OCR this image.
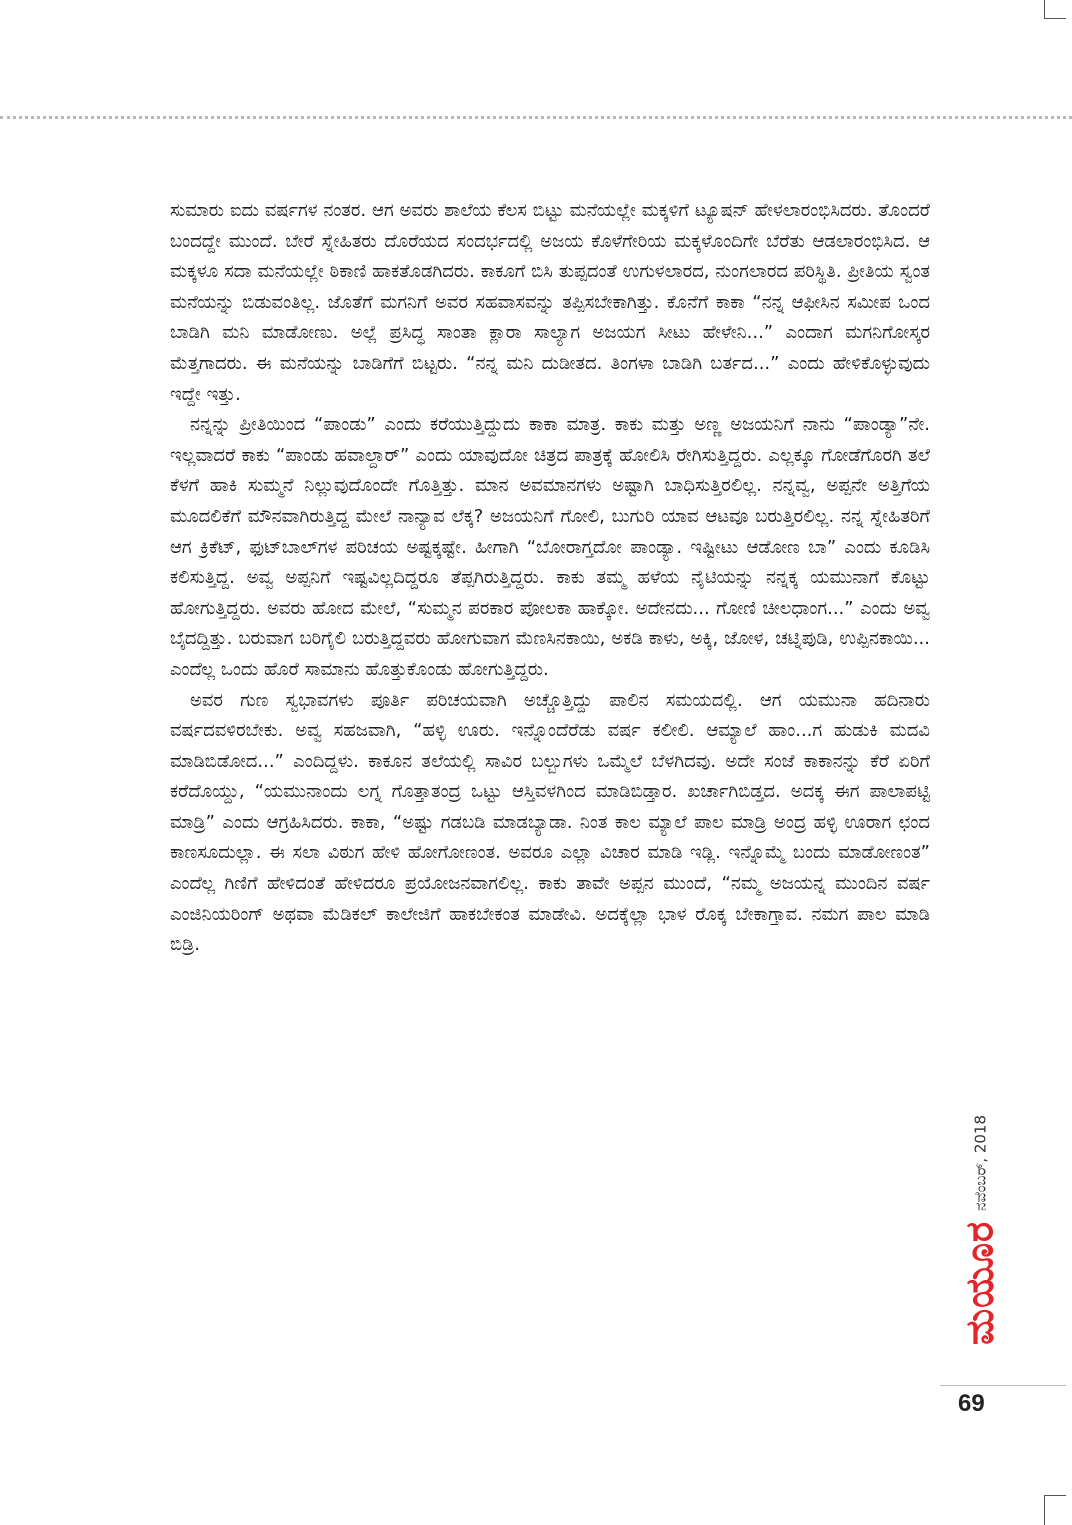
ಸುಮಾರು ಐದು ವರ್ಷಗಳ ನಂತರ. ಆಗ ಅವರು ಶಾಲೆಯ ಕೆಲಸ ಬಿಟ್ಟು ಮನೆಯಲ್ಲೇ ಮಕ್ಕಳಿಗೆ ಟ್ಯೂಷನ್ ಹೇಳಲಾರಂಭಿಸಿದರು. ತೊಂದರೆ ಬಂದದ್ದೇ ಮುಂದೆ. ಬೇರೆ ಸ್ನೇಹಿತರು ದೊರೆಯದ ಸಂದರ್ಭದಲ್ಲಿ ಅಜಯ ಕೊಳೆಗೇರಿಯ ಮಕ್ಕಳೊಂದಿಗೇ ಬೆರೆತು ಆಡಲಾರಂಭಿಸಿದ. ಆ ಮಕ್ಕಳೂ ಸದಾ ಮನೆಯಲ್ಲೇ ಠಿಕಾಣಿ ಹಾಕತೊಡಗಿದರು. ಕಾಕೂಗೆ ಬಿಸಿ ತುಪ್ಪದಂತೆ ಉಗುಳಲಾರದ, ನುಂಗಲಾರದ ಪರಿಸ್ಥಿತಿ. ಪ್ರೀತಿಯ ಸ್ವಂತ ಮನೆಯನ್ನು ಬಿಡುವಂತಿಲ್ಲ. ಜೊತೆಗೆ ಮಗನಿಗೆ ಅವರ ಸಹವಾಸವನ್ನು ತಪ್ಪಿಸಬೇಕಾಗಿತ್ತು. ಕೊನೆಗೆ ಕಾಕಾ “ನನ್ನ ಆಫೀಸಿನ ಸಮೀಪ ಒಂದ ಬಾಡಿಗಿ ಮನಿ ಮಾಡೋಣು. ಅಲ್ಲೆ ಪ್ರಸಿದ್ಧ ಸಾಂತಾ ಕ್ಲಾರಾ ಸಾಲ್ಯಾಗ ಅಜಯಗ ಸೀಟು ಹೇಳೇನಿ...” ಎಂದಾಗ ಮಗನಿಗೋಸ್ಕರ ಮೆತ್ತಗಾದರು. ಈ ಮನೆಯನ್ನು ಬಾಡಿಗೆಗೆ ಬಿಟ್ಟರು. “ನನ್ನ ಮನಿ ದುಡೀತದ. ತಿಂಗಳಾ ಬಾಡಿಗಿ ಬರ್ತದ...” ಎಂದು ಹೇಳಿಕೊಳ್ಳುವುದು ಇದ್ದೇ ಇತ್ತು.

ನನ್ನನ್ನು ಪ್ರೀತಿಯಿಂದ “ಪಾಂಡು” ಎಂದು ಕರೆಯುತ್ತಿದ್ದುದು ಕಾಕಾ ಮಾತ್ರ. ಕಾಕು ಮತ್ತು ಅಣ್ಣ ಅಜಯನಿಗೆ ನಾನು “ಪಾಂಡ್ಯಾ”ನೇ. ಇಲ್ಲವಾದರೆ ಕಾಕು “ಪಾಂಡು ಹವಾಲ್ದಾರ್” ಎಂದು ಯಾವುದೋ ಚಿತ್ರದ ಪಾತ್ರಕ್ಕೆ ಹೋಲಿಸಿ ರೇಗಿಸುತ್ತಿದ್ದರು. ಎಲ್ಲಕ್ಕೂ ಗೋಡೆಗೊರಗಿ ತಲೆ ಕೆಳಗೆ ಹಾಕಿ ಸುಮ್ಮನೆ ನಿಲ್ಲುವುದೊಂದೇ ಗೊತ್ತಿತ್ತು. ಮಾನ ಅವಮಾನಗಳು ಅಷ್ಟಾಗಿ ಬಾಧಿಸುತ್ತಿರಲಿಲ್ಲ. ನನ್ನವ್ವ, ಅಪ್ಪನೇ ಅತ್ತಿಗೆಯ ಮೂದಲಿಕೆಗೆ ಮೌನವಾಗಿರುತ್ತಿದ್ದ ಮೇಲೆ ನಾನ್ಯಾವ ಲೆಕ್ಕ? ಅಜಯನಿಗೆ ಗೋಲಿ, ಬುಗುರಿ ಯಾವ ಆಟವೂ ಬರುತ್ತಿರಲಿಲ್ಲ. ನನ್ನ ಸ್ನೇಹಿತರಿಗೆ ಆಗ ಕ್ರಿಕೆಟ್, ಫುಟ್‌ಬಾಲ್‌ಗಳ ಪರಿಚಯ ಅಷ್ಟಕ್ಕಷ್ಟೇ. ಹೀಗಾಗಿ “ಬೋರಾಗ್ತದೋ ಪಾಂಡ್ಯಾ. ಇಷ್ಟೀಟು ಆಡೋಣ ಬಾ” ಎಂದು ಕೂಡಿಸಿ ಕಲಿಸುತ್ತಿದ್ದ. ಅವ್ವ ಅಪ್ಪನಿಗೆ ಇಷ್ಟವಿಲ್ಲದಿದ್ದರೂ ತೆಪ್ಪಗಿರುತ್ತಿದ್ದರು. ಕಾಕು ತಮ್ಮ ಹಳೆಯ ನೈಟಿಯನ್ನು ನನ್ನಕ್ಕ ಯಮುನಾಗೆ ಕೊಟ್ಟು ಹೋಗುತ್ತಿದ್ದರು. ಅವರು ಹೋದ ಮೇಲೆ, “ಸುಮ್ಮನ ಪರಕಾರ ಪೋಲಕಾ ಹಾಕ್ಕೋ. ಅದೇನದು... ಗೋಣಿ ಚೀಲಧಾಂಗ...” ಎಂದು ಅವ್ವ ಬೈದದ್ದಿತ್ತು. ಬರುವಾಗ ಬರಿಗೈಲಿ ಬರುತ್ತಿದ್ದವರು ಹೋಗುವಾಗ ಮೆಣಸಿನಕಾಯಿ, ಅಕಡಿ ಕಾಳು, ಅಕ್ಕಿ, ಜೋಳ, ಚಟ್ನಿಪುಡಿ, ಉಪ್ಪಿನಕಾಯಿ... ಎಂದೆಲ್ಲ ಒಂದು ಹೊರೆ ಸಾಮಾನು ಹೊತ್ತುಕೊಂಡು ಹೋಗುತ್ತಿದ್ದರು.

ಅವರ ಗುಣ ಸ್ವಭಾವಗಳು ಪೂರ್ತಿ ಪರಿಚಯವಾಗಿ ಅಚ್ಚೊತ್ತಿದ್ದು ಪಾಲಿನ ಸಮಯದಲ್ಲಿ. ಆಗ ಯಮುನಾ ಹದಿನಾರು ವರ್ಷದವಳಿರಬೇಕು. ಅವ್ವ ಸಹಜವಾಗಿ, “ಹಳ್ಳಿ ಊರು. ಇನ್ನೊಂದೆರೆಡು ವರ್ಷ ಕಲೀಲಿ. ಆಮ್ಯಾಲೆ ಹಾಂ...ಗ ಹುಡುಕಿ ಮದವಿ ಮಾಡಿಬಿಡೋದ...” ಎಂದಿದ್ದಳು. ಕಾಕೂನ ತಲೆಯಲ್ಲಿ ಸಾವಿರ ಬಲ್ಬುಗಳು ಒಮ್ಮೆಲೆ ಬೆಳಗಿದವು. ಅದೇ ಸಂಜೆ ಕಾಕಾನನ್ನು ಕೆರೆ ಏರಿಗೆ ಕರೆದೊಯ್ದು, “ಯಮುನಾಂದು ಲಗ್ನ ಗೊತ್ತಾತಂದ್ರ ಒಟ್ಟು ಆಸ್ತಿವಳಗಿಂದ ಮಾಡಿಬಿಡ್ತಾರ. ಖರ್ಚಾಗಿಬಿಡ್ತದ. ಅದಕ್ಕ ಈಗ ಪಾಲಾಪಟ್ಟಿ ಮಾಡ್ರಿ” ಎಂದು ಆಗ್ರಹಿಸಿದರು. ಕಾಕಾ, “ಅಷ್ಟು ಗಡಬಡಿ ಮಾಡಬ್ಯಾಡಾ. ನಿಂತ ಕಾಲ ಮ್ಯಾಲೆ ಪಾಲ ಮಾಡ್ರಿ ಅಂದ್ರ ಹಳ್ಳಿ ಊರಾಗ ಛಂದ ಕಾಣಸೂದುಲ್ಲಾ. ಈ ಸಲಾ ವಿಠುಗ ಹೇಳಿ ಹೋಗೋಣಂತ. ಅವರೂ ಎಲ್ಲಾ ವಿಚಾರ ಮಾಡಿ ಇಡ್ಲಿ. ಇನ್ನೊಮ್ಮೆ ಬಂದು ಮಾಡೋಣಂತ” ಎಂದೆಲ್ಲ ಗಿಣಿಗೆ ಹೇಳಿದಂತೆ ಹೇಳಿದರೂ ಪ್ರಯೋಜನವಾಗಲಿಲ್ಲ. ಕಾಕು ತಾವೇ ಅಪ್ಪನ ಮುಂದೆ, “ನಮ್ಮ ಅಜಯನ್ನ ಮುಂದಿನ ವರ್ಷ ಎಂಜಿನಿಯರಿಂಗ್ ಅಥವಾ ಮೆಡಿಕಲ್ ಕಾಲೇಜಿಗೆ ಹಾಕಬೇಕಂತ ಮಾಡೇವಿ. ಅದಕ್ಕೆಲ್ಲಾ ಭಾಳ ರೊಕ್ಕ ಬೇಕಾಗ್ತಾವ. ನಮಗ ಪಾಲ ಮಾಡಿ ಬಿಡ್ರಿ.

ಮಯೂರ
ನವೆಂಬರ್, 2018
69
